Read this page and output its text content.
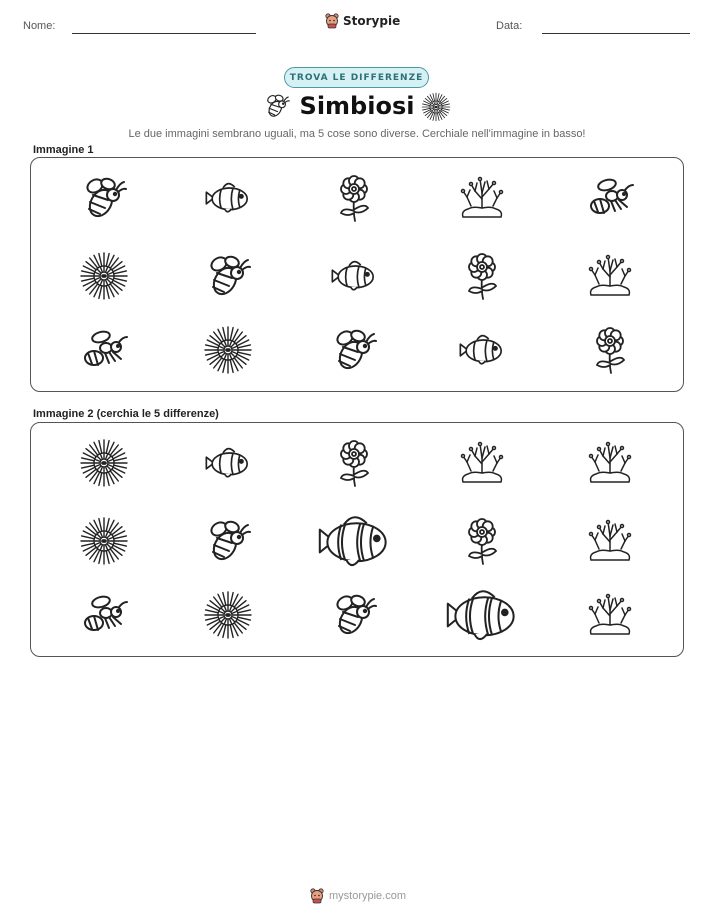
Nome:	Storypie	Data:
TROVA LE DIFFERENZE
Simbiosi
Le due immagini sembrano uguali, ma 5 cose sono diverse. Cerchiale nell'immagine in basso!
Immagine 1
Immagine 2 (cerchia le 5 differenze)
mystorypie.com
